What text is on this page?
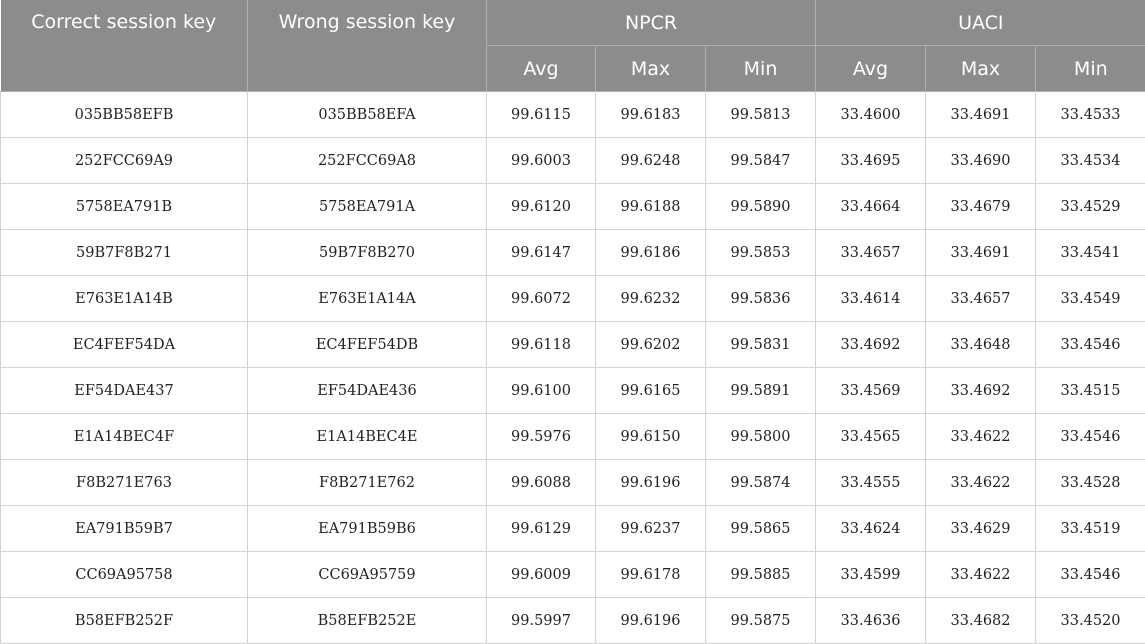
Correct session key	Wrong session key	NPCR			UACI		
		Avg	Max	Min	Avg	Max	Min
035BB58EFB	035BB58EFA	99.6115	99.6183	99.5813	33.4600	33.4691	33.4533
252FCC69A9	252FCC69A8	99.6003	99.6248	99.5847	33.4695	33.4690	33.4534
5758EA791B	5758EA791A	99.6120	99.6188	99.5890	33.4664	33.4679	33.4529
59B7F8B271	59B7F8B270	99.6147	99.6186	99.5853	33.4657	33.4691	33.4541
E763E1A14B	E763E1A14A	99.6072	99.6232	99.5836	33.4614	33.4657	33.4549
EC4FEF54DA	EC4FEF54DB	99.6118	99.6202	99.5831	33.4692	33.4648	33.4546
EF54DAE437	EF54DAE436	99.6100	99.6165	99.5891	33.4569	33.4692	33.4515
E1A14BEC4F	E1A14BEC4E	99.5976	99.6150	99.5800	33.4565	33.4622	33.4546
F8B271E763	F8B271E762	99.6088	99.6196	99.5874	33.4555	33.4622	33.4528
EA791B59B7	EA791B59B6	99.6129	99.6237	99.5865	33.4624	33.4629	33.4519
CC69A95758	CC69A95759	99.6009	99.6178	99.5885	33.4599	33.4622	33.4546
B58EFB252F	B58EFB252E	99.5997	99.6196	99.5875	33.4636	33.4682	33.4520
